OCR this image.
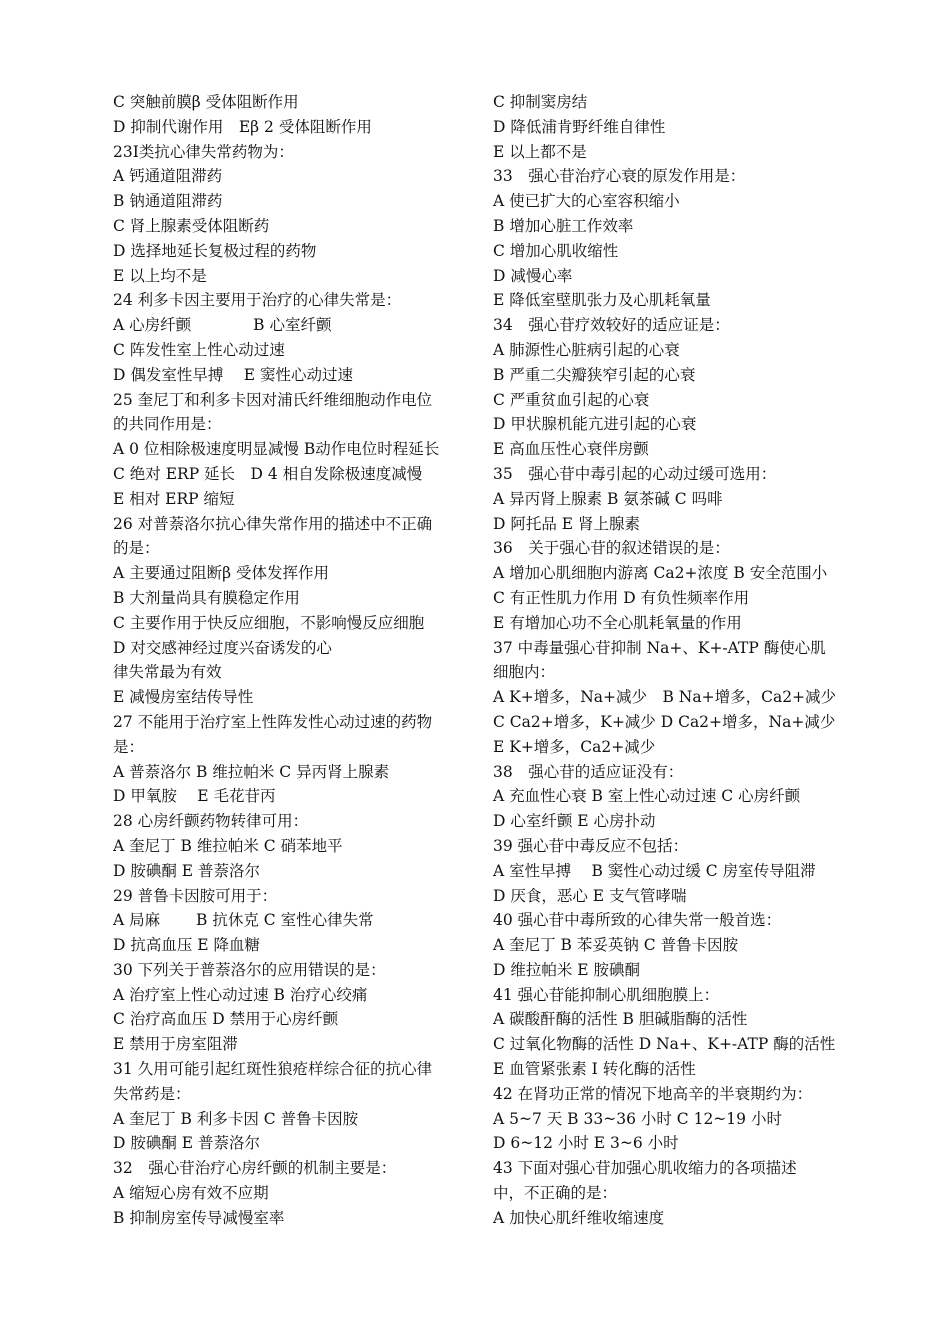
C 突触前膜β 受体阻断作用
D 抑制代谢作用　Eβ 2 受体阻断作用
23Ⅰ类抗心律失常药物为：
A 钙通道阻滞药
B 钠通道阻滞药
C 肾上腺素受体阻断药
D 选择地延长复极过程的药物
E 以上均不是
24 利多卡因主要用于治疗的心律失常是：
A 心房纤颤　　　　B 心室纤颤
C 阵发性室上性心动过速
D 偶发室性早搏　 E 窦性心动过速
25 奎尼丁和利多卡因对浦氏纤维细胞动作电位
的共同作用是：
A 0 位相除极速度明显减慢 B动作电位时程延长
C 绝对 ERP 延长　D 4 相自发除极速度减慢
E 相对 ERP 缩短
26 对普萘洛尔抗心律失常作用的描述中不正确
的是：
A 主要通过阻断β 受体发挥作用
B 大剂量尚具有膜稳定作用
C 主要作用于快反应细胞，不影响慢反应细胞
D 对交感神经过度兴奋诱发的心
律失常最为有效
E 减慢房室结传导性
27 不能用于治疗室上性阵发性心动过速的药物
是：
A 普萘洛尔 B 维拉帕米 C 异丙肾上腺素
D 甲氧胺　 E 毛花苷丙
28 心房纤颤药物转律可用：
A 奎尼丁 B 维拉帕米 C 硝苯地平
D 胺碘酮 E 普萘洛尔
29 普鲁卡因胺可用于：
A 局麻　　 B 抗休克 C 室性心律失常
D 抗高血压 E 降血糖
30 下列关于普萘洛尔的应用错误的是：
A 治疗室上性心动过速 B 治疗心绞痛
C 治疗高血压 D 禁用于心房纤颤
E 禁用于房室阻滞
31 久用可能引起红斑性狼疮样综合征的抗心律
失常药是：
A 奎尼丁 B 利多卡因 C 普鲁卡因胺
D 胺碘酮 E 普萘洛尔
32　强心苷治疗心房纤颤的机制主要是：
A 缩短心房有效不应期
B 抑制房室传导减慢室率
C 抑制窦房结
D 降低浦肯野纤维自律性
E 以上都不是
33　强心苷治疗心衰的原发作用是：
A 使已扩大的心室容积缩小
B 增加心脏工作效率
C 增加心肌收缩性
D 减慢心率
E 降低室壁肌张力及心肌耗氧量
34　强心苷疗效较好的适应证是：
A 肺源性心脏病引起的心衰
B 严重二尖瓣狭窄引起的心衰
C 严重贫血引起的心衰
D 甲状腺机能亢进引起的心衰
E 高血压性心衰伴房颤
35　强心苷中毒引起的心动过缓可选用：
A 异丙肾上腺素 B 氨茶碱 C 吗啡
D 阿托品 E 肾上腺素
36　关于强心苷的叙述错误的是：
A 增加心肌细胞内游离 Ca2+浓度 B 安全范围小
C 有正性肌力作用 D 有负性频率作用
E 有增加心功不全心肌耗氧量的作用
37 中毒量强心苷抑制 Na+、K+-ATP 酶使心肌
细胞内：
A K+增多，Na+减少　B Na+增多，Ca2+减少
C Ca2+增多，K+减少 D Ca2+增多，Na+减少
E K+增多，Ca2+减少
38　强心苷的适应证没有：
A 充血性心衰 B 室上性心动过速 C 心房纤颤
D 心室纤颤 E 心房扑动
39 强心苷中毒反应不包括：
A 室性早搏　 B 窦性心动过缓 C 房室传导阻滞
D 厌食，恶心 E 支气管哮喘
40 强心苷中毒所致的心律失常一般首选：
A 奎尼丁 B 苯妥英钠 C 普鲁卡因胺
D 维拉帕米 E 胺碘酮
41 强心苷能抑制心肌细胞膜上：
A 碳酸酐酶的活性 B 胆碱脂酶的活性
C 过氧化物酶的活性 D Na+、K+-ATP 酶的活性
E 血管紧张素 I 转化酶的活性
42 在肾功正常的情况下地高辛的半衰期约为：
A 5~7 天 B 33~36 小时 C 12~19 小时
D 6~12 小时 E 3~6 小时
43 下面对强心苷加强心肌收缩力的各项描述
中，不正确的是：
A 加快心肌纤维收缩速度
